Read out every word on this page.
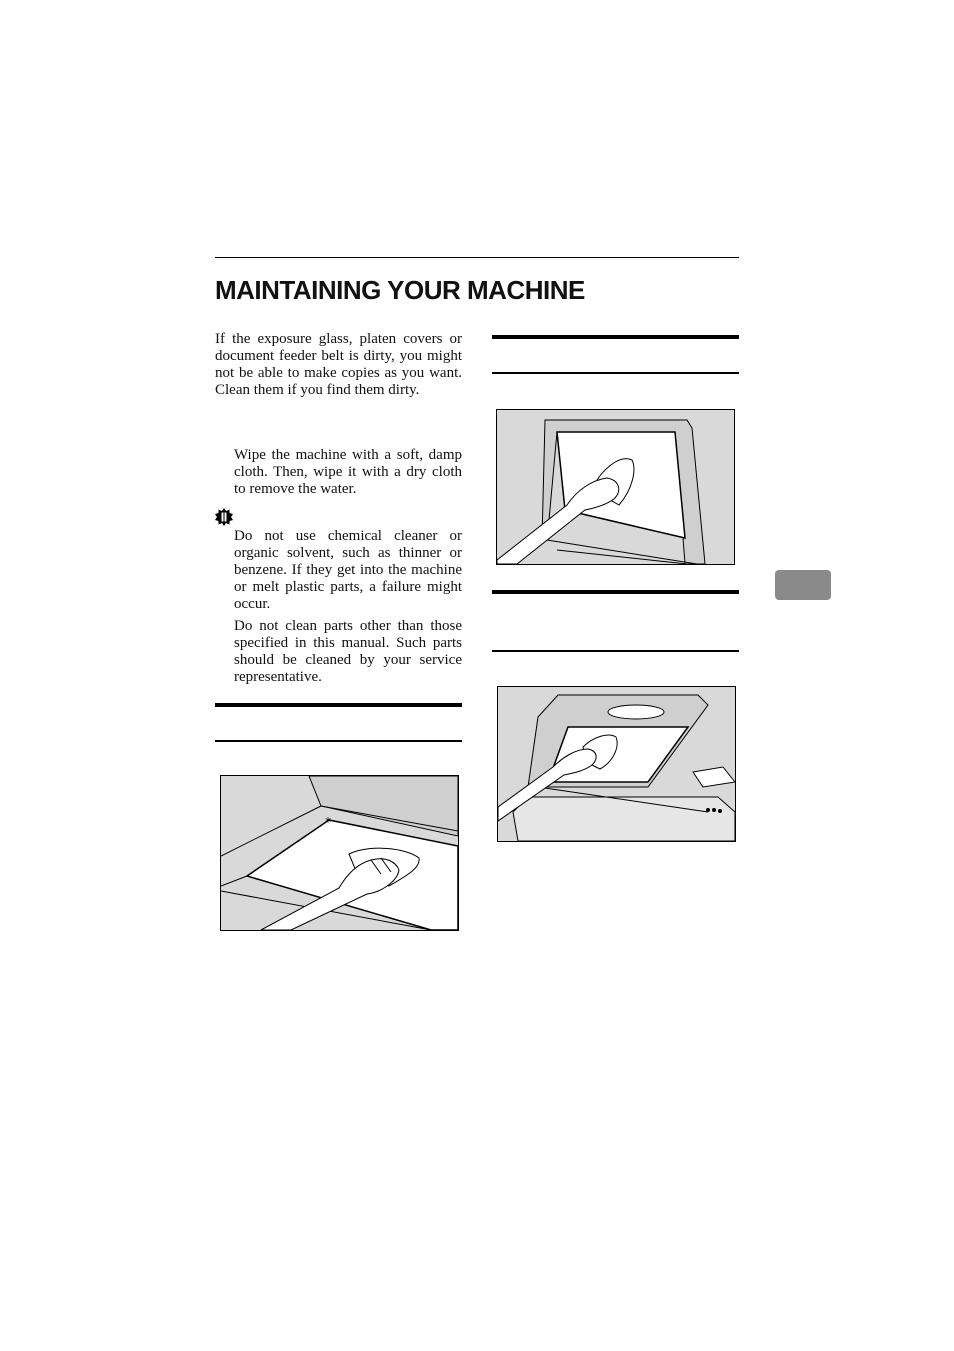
MAINTAINING YOUR MACHINE

If the exposure glass, platen covers or document feeder belt is dirty, you might not be able to make copies as you want. Clean them if you find them dirty.

Wipe the machine with a soft, damp cloth. Then, wipe it with a dry cloth to remove the water.

Do not use chemical cleaner or organic solvent, such as thinner or benzene. If they get into the machine or melt plastic parts, a failure might occur.

Do not clean parts other than those specified in this manual. Such parts should be cleaned by your service representative.

*
